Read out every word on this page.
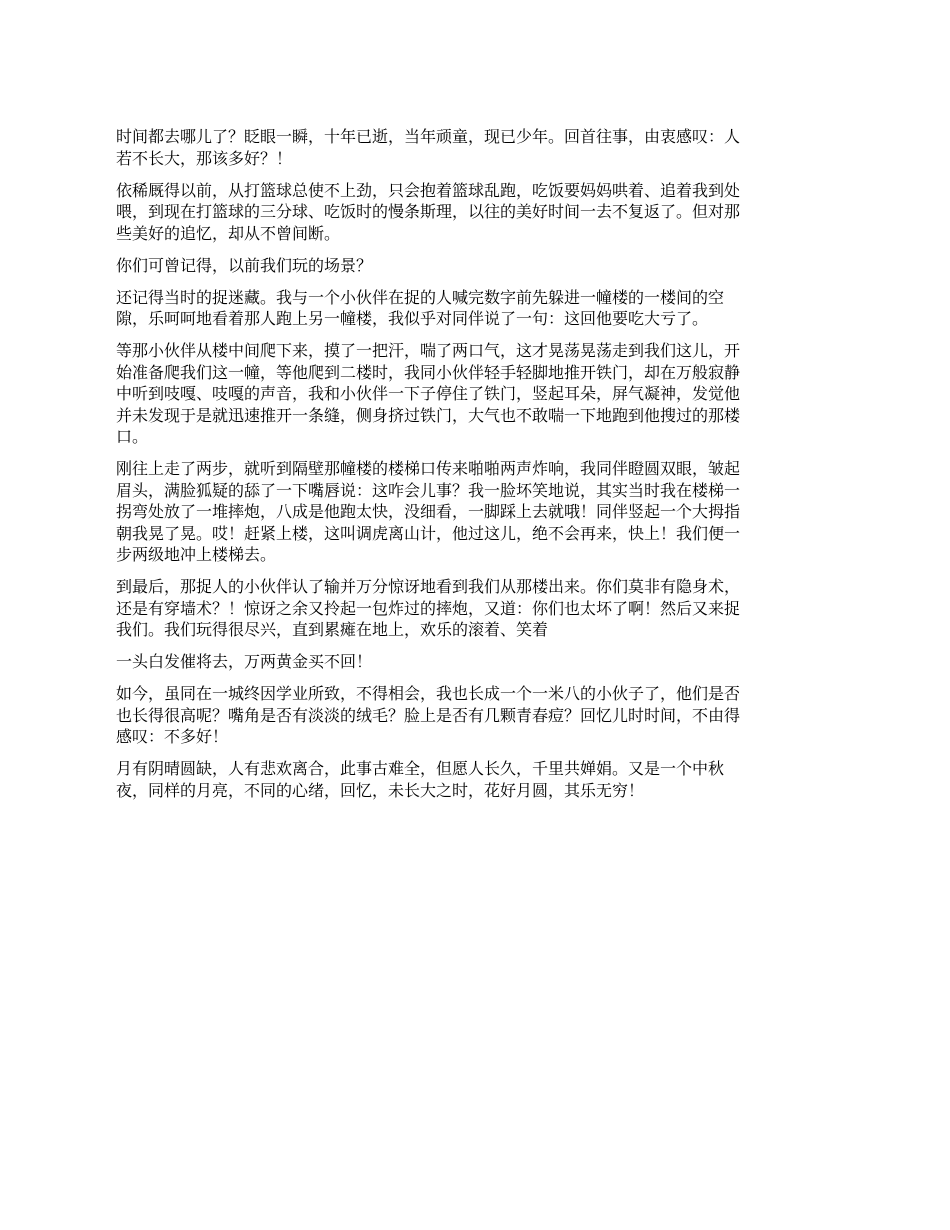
时间都去哪儿了？眨眼一瞬，十年已逝，当年顽童，现已少年。回首往事，由衷感叹：人
若不长大，那该多好？！

依稀厩得以前，从打篮球总使不上劲，只会抱着篮球乱跑，吃饭要妈妈哄着、追着我到处
喂，到现在打篮球的三分球、吃饭时的慢条斯理，以往的美好时间一去不复返了。但对那
些美好的追忆，却从不曾间断。

你们可曾记得，以前我们玩的场景？

还记得当时的捉迷藏。我与一个小伙伴在捉的人喊完数字前先躲进一幢楼的一楼间的空
隙，乐呵呵地看着那人跑上另一幢楼，我似乎对同伴说了一句：这回他要吃大亏了。

等那小伙伴从楼中间爬下来，摸了一把汗，喘了两口气，这才晃荡晃荡走到我们这儿，开
始准备爬我们这一幢，等他爬到二楼时，我同小伙伴轻手轻脚地推开铁门，却在万般寂静
中听到吱嘎、吱嘎的声音，我和小伙伴一下子停住了铁门，竖起耳朵，屏气凝神，发觉他
并未发现于是就迅速推开一条缝，侧身挤过铁门，大气也不敢喘一下地跑到他搜过的那楼
口。

刚往上走了两步，就听到隔壁那幢楼的楼梯口传来啪啪两声炸响，我同伴瞪圆双眼，皱起
眉头，满脸狐疑的舔了一下嘴唇说：这咋会儿事？我一脸坏笑地说，其实当时我在楼梯一
拐弯处放了一堆摔炮，八成是他跑太快，没细看，一脚踩上去就哦！同伴竖起一个大拇指
朝我晃了晃。哎！赶紧上楼，这叫调虎离山计，他过这儿，绝不会再来，快上！我们便一
步两级地冲上楼梯去。

到最后，那捉人的小伙伴认了输并万分惊讶地看到我们从那楼出来。你们莫非有隐身术，
还是有穿墙术？！惊讶之余又拎起一包炸过的摔炮，又道：你们也太坏了啊！然后又来捉
我们。我们玩得很尽兴，直到累瘫在地上，欢乐的滚着、笑着

一头白发催将去，万两黄金买不回！

如今，虽同在一城终因学业所致，不得相会，我也长成一个一米八的小伙子了，他们是否
也长得很高呢？嘴角是否有淡淡的绒毛？脸上是否有几颗青春痘？回忆儿时时间，不由得
感叹：不多好！

月有阴晴圆缺，人有悲欢离合，此事古难全，但愿人长久，千里共婵娟。又是一个中秋
夜，同样的月亮，不同的心绪，回忆，未长大之时，花好月圆，其乐无穷！
